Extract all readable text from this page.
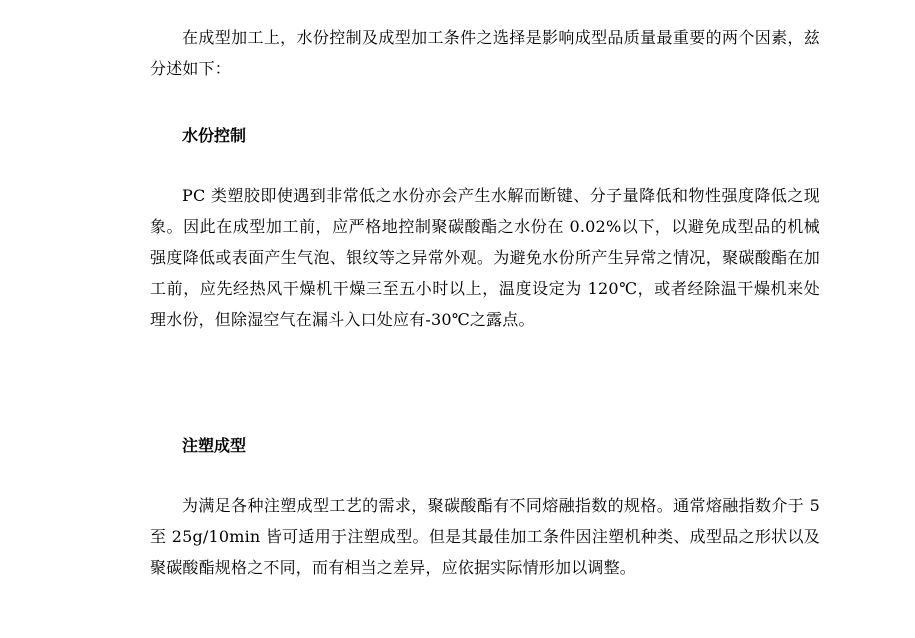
在成型加工上，水份控制及成型加工条件之选择是影响成型品质量最重要的两个因素，兹分述如下：

水份控制

PC 类塑胶即使遇到非常低之水份亦会产生水解而断键、分子量降低和物性强度降低之现象。因此在成型加工前，应严格地控制聚碳酸酯之水份在 0.02%以下，以避免成型品的机械强度降低或表面产生气泡、银纹等之异常外观。为避免水份所产生异常之情况，聚碳酸酯在加工前，应先经热风干燥机干燥三至五小时以上，温度设定为 120℃，或者经除温干燥机来处理水份，但除湿空气在漏斗入口处应有-30℃之露点。

注塑成型

为满足各种注塑成型工艺的需求，聚碳酸酯有不同熔融指数的规格。通常熔融指数介于 5 至 25g/10min 皆可适用于注塑成型。但是其最佳加工条件因注塑机种类、成型品之形状以及聚碳酸酯规格之不同，而有相当之差异，应依据实际情形加以调整。
